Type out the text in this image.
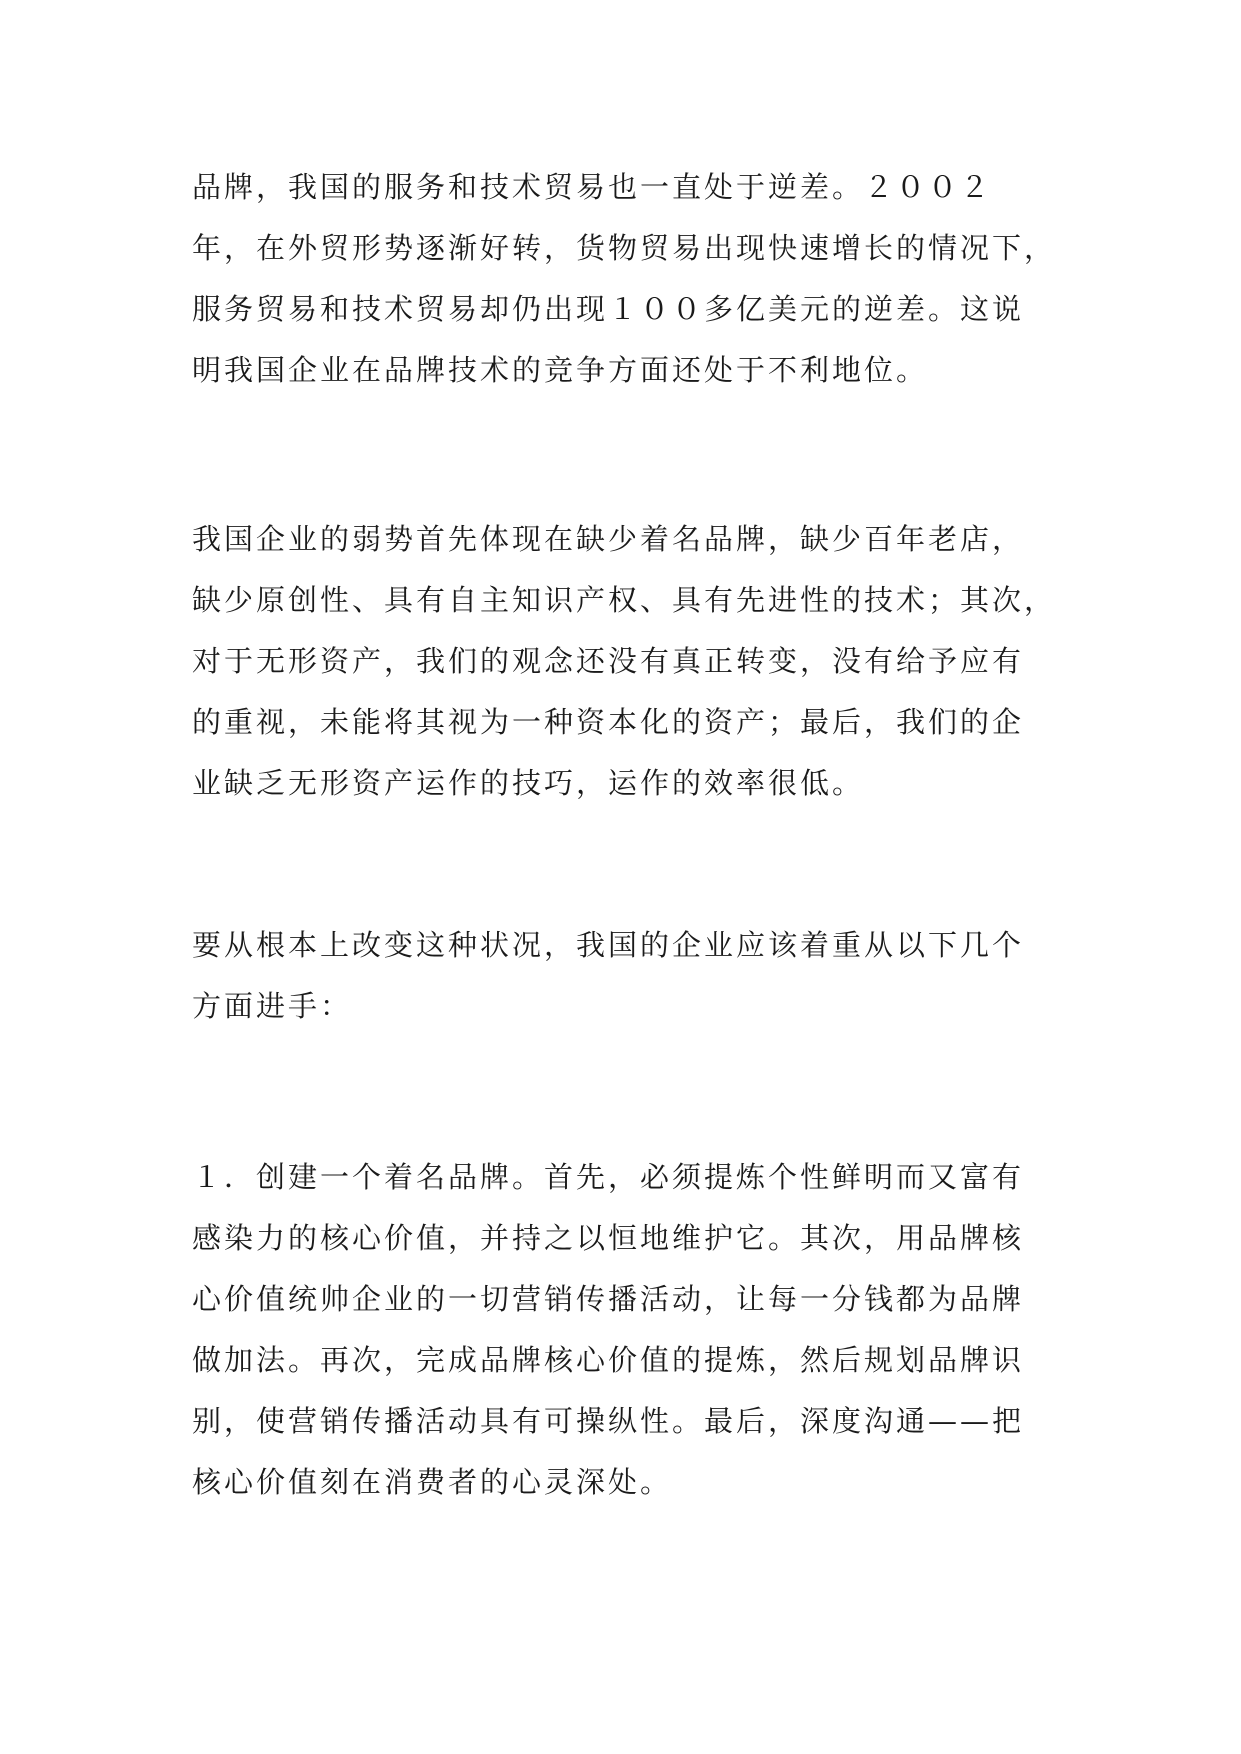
品牌，我国的服务和技术贸易也一直处于逆差。２００２
年，在外贸形势逐渐好转，货物贸易出现快速增长的情况下，
服务贸易和技术贸易却仍出现１００多亿美元的逆差。这说
明我国企业在品牌技术的竞争方面还处于不利地位。

我国企业的弱势首先体现在缺少着名品牌，缺少百年老店，
缺少原创性、具有自主知识产权、具有先进性的技术；其次，
对于无形资产，我们的观念还没有真正转变，没有给予应有
的重视，未能将其视为一种资本化的资产；最后，我们的企
业缺乏无形资产运作的技巧，运作的效率很低。

要从根本上改变这种状况，我国的企业应该着重从以下几个
方面进手：

１．创建一个着名品牌。首先，必须提炼个性鲜明而又富有
感染力的核心价值，并持之以恒地维护它。其次，用品牌核
心价值统帅企业的一切营销传播活动，让每一分钱都为品牌
做加法。再次，完成品牌核心价值的提炼，然后规划品牌识
别，使营销传播活动具有可操纵性。最后，深度沟通——把
核心价值刻在消费者的心灵深处。
